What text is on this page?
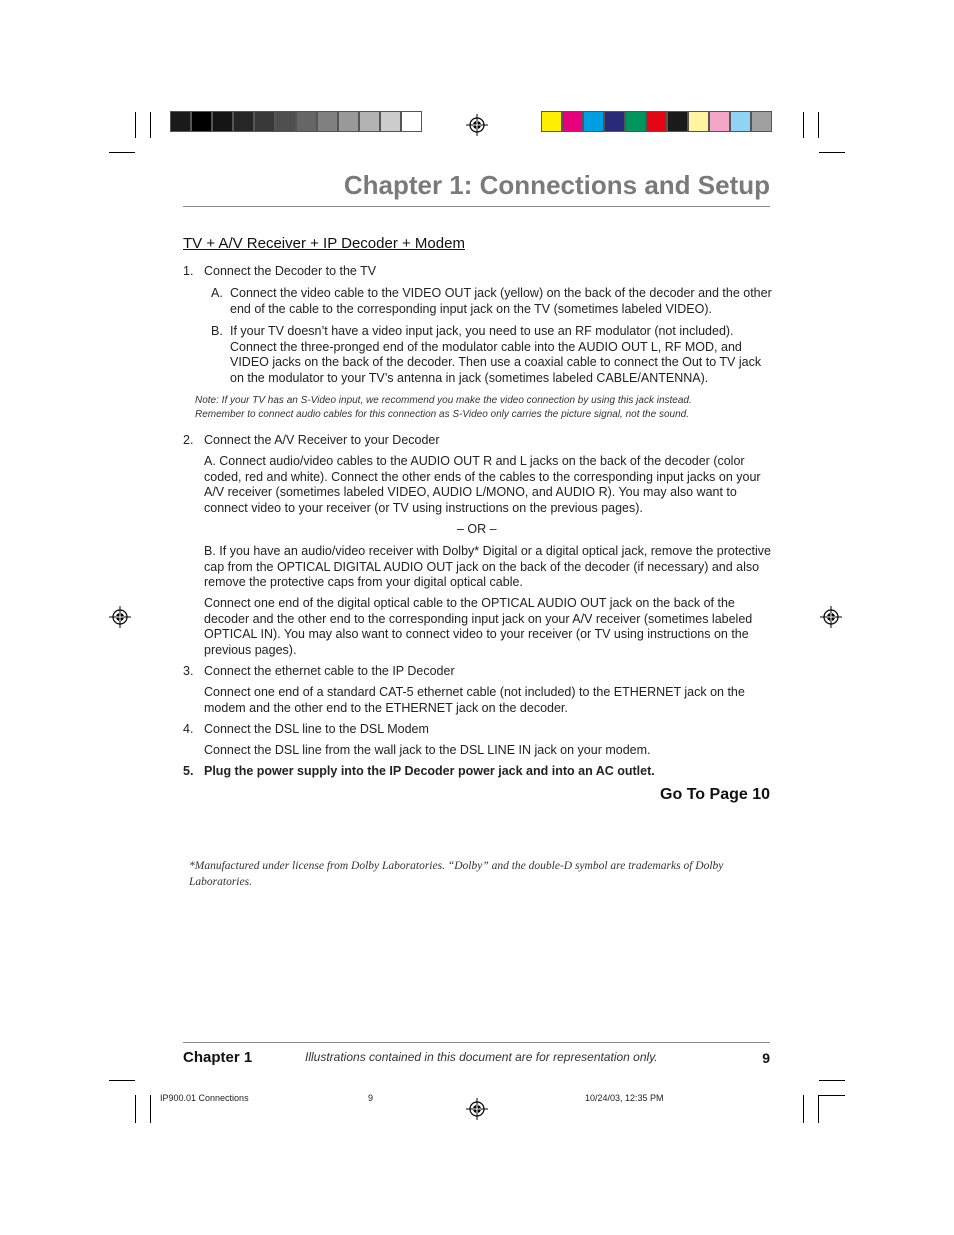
Chapter 1: Connections and Setup
TV + A/V Receiver + IP Decoder + Modem
1. Connect the Decoder to the TV
A. Connect the video cable to the VIDEO OUT jack (yellow) on the back of the decoder and the other end of the cable to the corresponding input jack on the TV (sometimes labeled VIDEO).
B. If your TV doesn’t have a video input jack, you need to use an RF modulator (not included). Connect the three-pronged end of the modulator cable into the AUDIO OUT L, RF MOD, and VIDEO jacks on the back of the decoder. Then use a coaxial cable to connect the Out to TV jack on the modulator to your TV’s antenna in jack (sometimes labeled CABLE/ANTENNA).
Note: If your TV has an S-Video input, we recommend you make the video connection by using this jack instead.
Remember to connect audio cables for this connection as S-Video only carries the picture signal, not the sound.
2. Connect the A/V Receiver to your Decoder
A. Connect audio/video cables to the AUDIO OUT R and L jacks on the back of the decoder (color coded, red and white). Connect the other ends of the cables to the corresponding input jacks on your A/V receiver (sometimes labeled VIDEO, AUDIO L/MONO, and AUDIO R). You may also want to connect video to your receiver (or TV using instructions on the previous pages).
– OR –
B. If you have an audio/video receiver with Dolby* Digital or a digital optical jack, remove the protective cap from the OPTICAL DIGITAL AUDIO OUT jack on the back of the decoder (if necessary) and also remove the protective caps from your digital optical cable.
Connect one end of the digital optical cable to the OPTICAL AUDIO OUT jack on the back of the decoder and the other end to the corresponding input jack on your A/V receiver (sometimes labeled OPTICAL IN). You may also want to connect video to your receiver (or TV using instructions on the previous pages).
3. Connect the ethernet cable to the IP Decoder
Connect one end of a standard CAT-5 ethernet cable (not included) to the ETHERNET jack on the modem and the other end to the ETHERNET jack on the decoder.
4. Connect the DSL line to the DSL Modem
Connect the DSL line from the wall jack to the DSL LINE IN jack on your modem.
5. Plug the power supply into the IP Decoder power jack and into an AC outlet.
Go To Page 10
*Manufactured under license from Dolby Laboratories. “Dolby” and the double-D symbol are trademarks of Dolby Laboratories.
Chapter 1	Illustrations contained in this document are for representation only.	9
IP900.01 Connections	9	10/24/03, 12:35 PM
